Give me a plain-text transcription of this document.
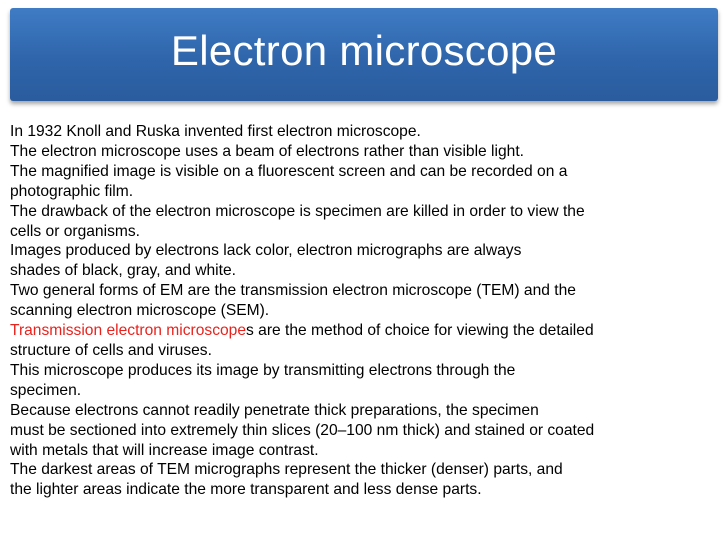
Electron microscope
In 1932 Knoll and Ruska invented first electron microscope.
The electron microscope uses a beam of electrons rather than visible light.
The magnified image is visible on a fluorescent screen and can be recorded on a
photographic film.
The drawback of the electron microscope is specimen are killed in order to view the
cells or organisms.
Images produced by electrons lack color, electron micrographs are always
shades of black, gray, and white.
Two general forms of EM are the transmission electron microscope (TEM) and the
scanning electron microscope (SEM).
Transmission electron microscopes are the method of choice for viewing the detailed
structure of cells and viruses.
This microscope produces its image by transmitting electrons through the
specimen.
Because electrons cannot readily penetrate thick preparations, the specimen
must be sectioned into extremely thin slices (20–100 nm thick) and stained or coated
with metals that will increase image contrast.
The darkest areas of TEM micrographs represent the thicker (denser) parts, and
the lighter areas indicate the more transparent and less dense parts.
